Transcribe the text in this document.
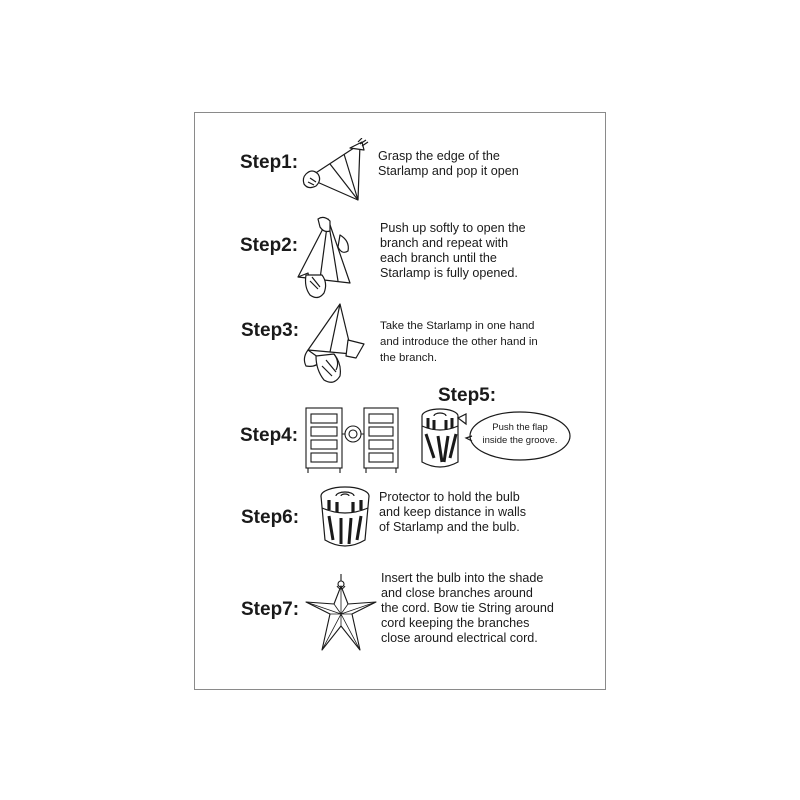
Step1:	Grasp the edge of the
Starlamp and pop it open
Step2:
Push up softly to open the
branch and repeat with
each branch until the
Starlamp is fully opened.
Step3:	Take the Starlamp in one hand
and introduce the other hand in
the branch.
Step4:
Step5:
Push the flap
inside the groove.
Step6:
Protector to hold the bulb
and keep distance in walls
of Starlamp and the bulb.
Step7:
Insert the bulb into the shade
and close branches around
the cord. Bow tie String around
cord keeping the branches
close around electrical cord.
